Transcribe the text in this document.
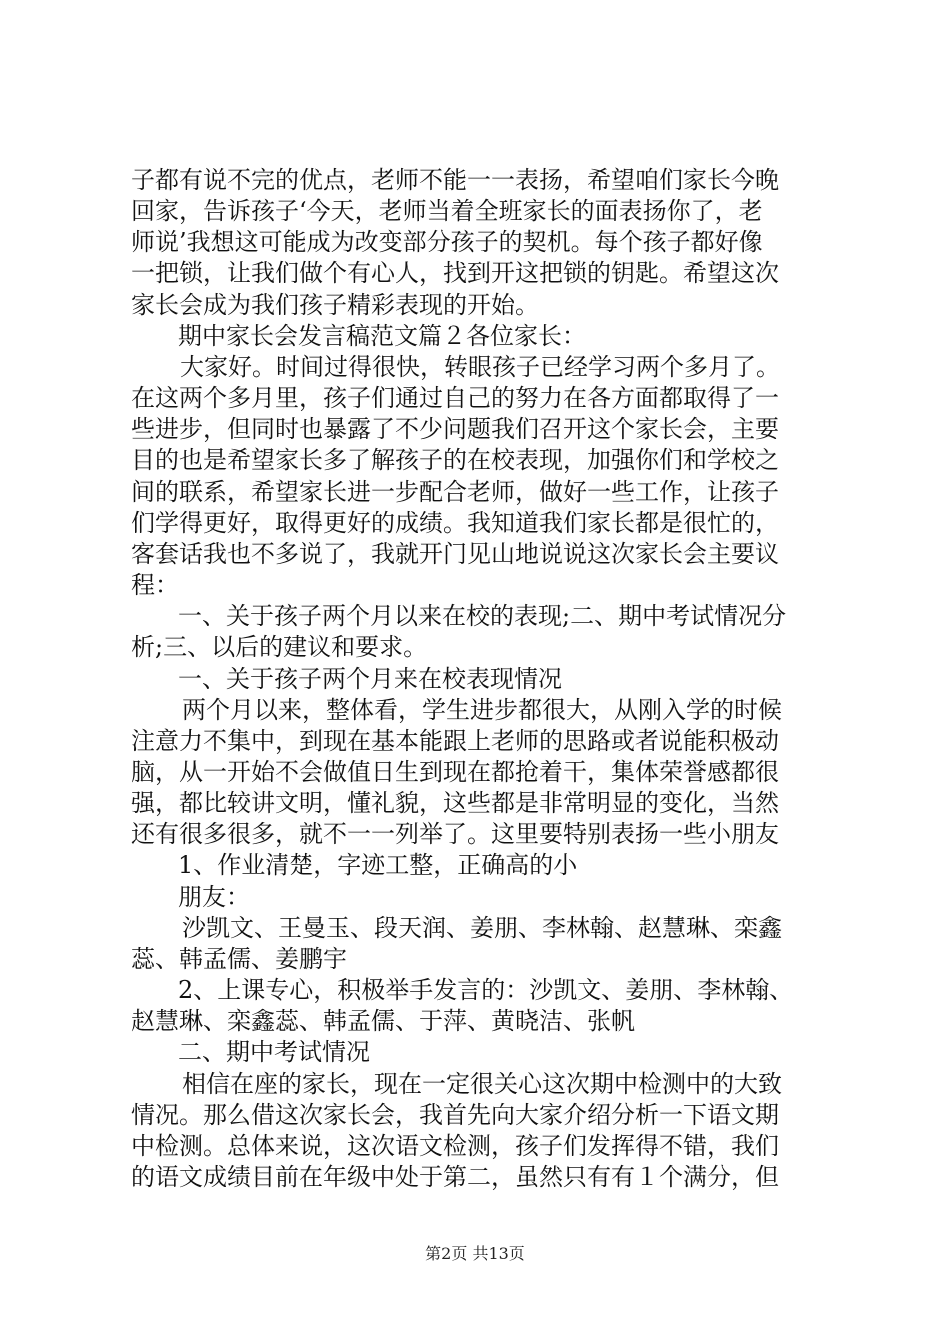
子都有说不完的优点，老师不能一一表扬，希望咱们家长今晚
回家，告诉孩子‘今天，老师当着全班家长的面表扬你了，老
师说’我想这可能成为改变部分孩子的契机。每个孩子都好像
一把锁，让我们做个有心人，找到开这把锁的钥匙。希望这次
家长会成为我们孩子精彩表现的开始。
期中家长会发言稿范文篇２各位家长：
大家好。时间过得很快，转眼孩子已经学习两个多月了。
在这两个多月里，孩子们通过自己的努力在各方面都取得了一
些进步，但同时也暴露了不少问题我们召开这个家长会，主要
目的也是希望家长多了解孩子的在校表现，加强你们和学校之
间的联系，希望家长进一步配合老师，做好一些工作，让孩子
们学得更好，取得更好的成绩。我知道我们家长都是很忙的，
客套话我也不多说了，我就开门见山地说说这次家长会主要议
程：
一、关于孩子两个月以来在校的表现;二、期中考试情况分
析;三、以后的建议和要求。
一、关于孩子两个月来在校表现情况
两个月以来，整体看，学生进步都很大，从刚入学的时候
注意力不集中，到现在基本能跟上老师的思路或者说能积极动
脑，从一开始不会做值日生到现在都抢着干，集体荣誉感都很
强，都比较讲文明，懂礼貌，这些都是非常明显的变化，当然
还有很多很多，就不一一列举了。这里要特别表扬一些小朋友
1、作业清楚，字迹工整，正确高的小
朋友：
沙凯文、王曼玉、段天润、姜朋、李林翰、赵慧琳、栾鑫
蕊、韩孟儒、姜鹏宇
2、上课专心，积极举手发言的：沙凯文、姜朋、李林翰、
赵慧琳、栾鑫蕊、韩孟儒、于萍、黄晓洁、张帆
二、期中考试情况
相信在座的家长，现在一定很关心这次期中检测中的大致
情况。那么借这次家长会，我首先向大家介绍分析一下语文期
中检测。总体来说，这次语文检测，孩子们发挥得不错，我们
的语文成绩目前在年级中处于第二，虽然只有有１个满分，但
第2页 共13页
